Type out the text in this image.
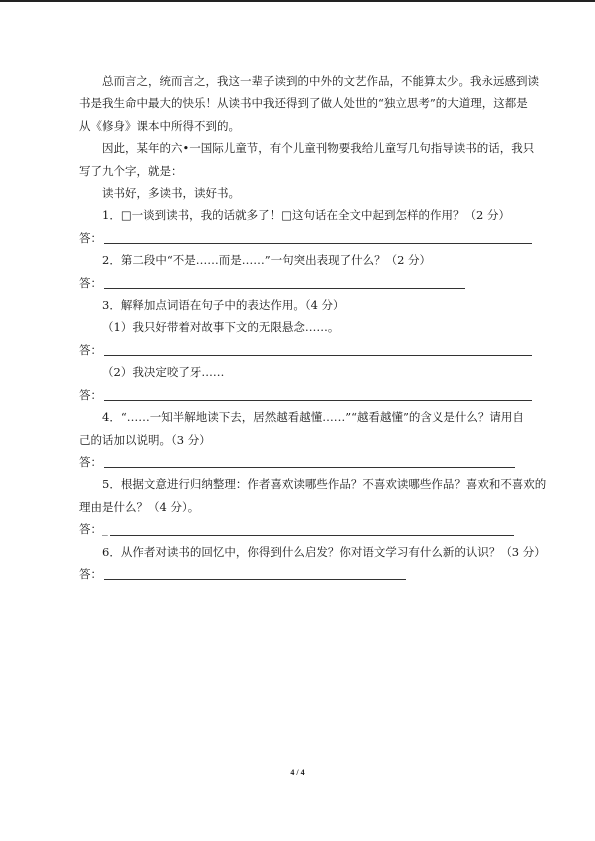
总而言之，统而言之，我这一辈子读到的中外的文艺作品，不能算太少。我永远感到读

书是我生命中最大的快乐！从读书中我还得到了做人处世的“独立思考”的大道理，这都是

从《修身》课本中所得不到的。

因此，某年的六•一国际儿童节，有个儿童刊物要我给儿童写几句指导读书的话，我只

写了九个字，就是：

读书好，多读书，读好书。

1．□一谈到读书，我的话就多了！□这句话在全文中起到怎样的作用？（2 分）

答：

2．第二段中“不是……而是……”一句突出表现了什么？（2 分）

答：

3．解释加点词语在句子中的表达作用。（4 分）

（1）我只好带着对故事下文的无限悬念……。

答：

（2）我决定咬了牙……

答：

4．“……一知半解地读下去，居然越看越懂……”“越看越懂”的含义是什么？请用自

己的话加以说明。（3 分）

答：

5．根据文意进行归纳整理：作者喜欢读哪些作品？不喜欢读哪些作品？喜欢和不喜欢的

理由是什么？（4 分）。

答：_

6．从作者对读书的回忆中，你得到什么启发？你对语文学习有什么新的认识？（3 分）

答：

4 / 4
